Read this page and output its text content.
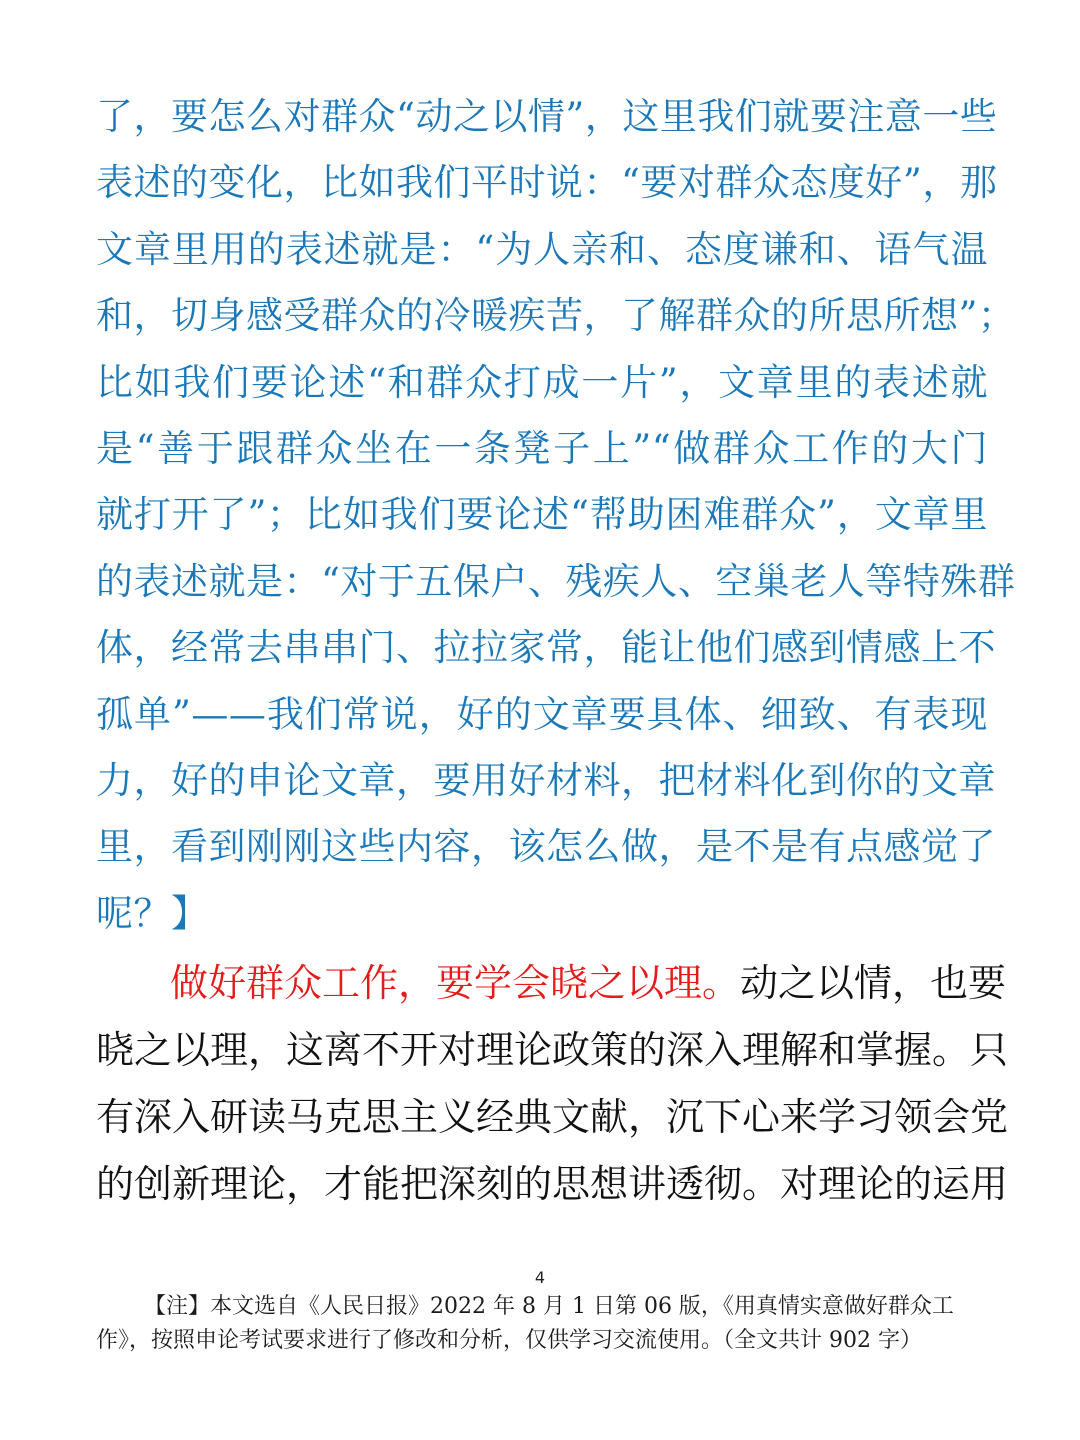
了，要怎么对群众“动之以情”，这里我们就要注意一些
表述的变化，比如我们平时说：“要对群众态度好”，那
文章里用的表述就是：“为人亲和、态度谦和、语气温
和，切身感受群众的冷暖疾苦，了解群众的所思所想”；
比如我们要论述“和群众打成一片”，文章里的表述就
是“善于跟群众坐在一条凳子上”“做群众工作的大门
就打开了”；比如我们要论述“帮助困难群众”，文章里
的表述就是：“对于五保户、残疾人、空巢老人等特殊群
体，经常去串串门、拉拉家常，能让他们感到情感上不
孤单”——我们常说，好的文章要具体、细致、有表现
力，好的申论文章，要用好材料，把材料化到你的文章
里，看到刚刚这些内容，该怎么做，是不是有点感觉了
呢？】
做好群众工作，要学会晓之以理。动之以情，也要
晓之以理，这离不开对理论政策的深入理解和掌握。只
有深入研读马克思主义经典文献，沉下心来学习领会党
的创新理论，才能把深刻的思想讲透彻。对理论的运用
4
【注】本文选自《人民日报》2022 年 8 月 1 日第 06 版，《用真情实意做好群众工
作》，按照申论考试要求进行了修改和分析，仅供学习交流使用。（全文共计 902 字）
